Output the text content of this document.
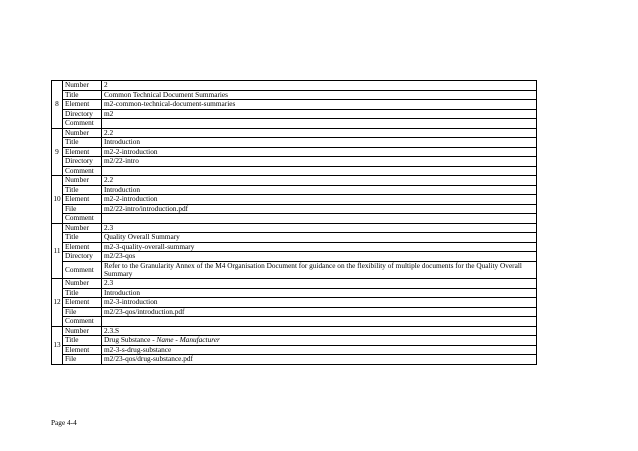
8	Number	2
	Title	Common Technical Document Summaries
	Element	m2-common-technical-document-summaries
	Directory	m2
	Comment	
9	Number	2.2
	Title	Introduction
	Element	m2-2-introduction
	Directory	m2/22-intro
	Comment	
10	Number	2.2
	Title	Introduction
	Element	m2-2-introduction
	File	m2/22-intro/introduction.pdf
	Comment	
11	Number	2.3
	Title	Quality Overall Summary
	Element	m2-3-quality-overall-summary
	Directory	m2/23-qos
	Comment	Refer to the Granularity Annex of the M4 Organisation Document for guidance on the flexibility of multiple documents for the Quality Overall Summary
12	Number	2.3
	Title	Introduction
	Element	m2-3-introduction
	File	m2/23-qos/introduction.pdf
	Comment	
13	Number	2.3.S
	Title	Drug Substance - Name - Manufacturer
	Element	m2-3-s-drug-substance
	File	m2/23-qos/drug-substance.pdf
Page 4-4
